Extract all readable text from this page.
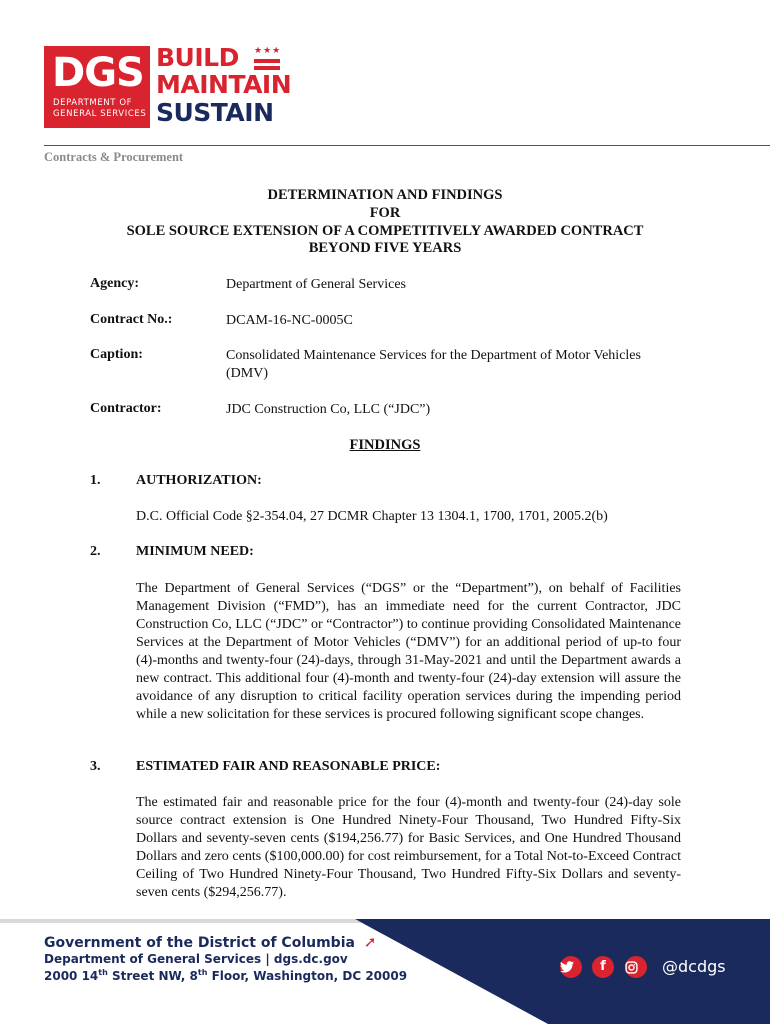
DGS
DEPARTMENT OF
GENERAL SERVICES
BUILD ★★★
MAINTAIN
SUSTAIN
Contracts & Procurement
DETERMINATION AND FINDINGS
FOR
SOLE SOURCE EXTENSION OF A COMPETITIVELY AWARDED CONTRACT
BEYOND FIVE YEARS
Agency:	Department of General Services
Contract No.:	DCAM-16-NC-0005C
Caption:	Consolidated Maintenance Services for the Department of Motor Vehicles (DMV)
Contractor:	JDC Construction Co, LLC (“JDC”)
FINDINGS
1.	AUTHORIZATION:
D.C. Official Code §2-354.04, 27 DCMR Chapter 13 1304.1, 1700, 1701, 2005.2(b)
2.	MINIMUM NEED:
The Department of General Services (“DGS” or the “Department”), on behalf of Facilities Management Division (“FMD”), has an immediate need for the current Contractor, JDC Construction Co, LLC (“JDC” or “Contractor”) to continue providing Consolidated Maintenance Services at the Department of Motor Vehicles (“DMV”) for an additional period of up-to four (4)-months and twenty-four (24)-days, through 31-May-2021 and until the Department awards a new contract. This additional four (4)-month and twenty-four (24)-day extension will assure the avoidance of any disruption to critical facility operation services during the impending period while a new solicitation for these services is procured following significant scope changes.
3.	ESTIMATED FAIR AND REASONABLE PRICE:
The estimated fair and reasonable price for the four (4)-month and twenty-four (24)-day sole source contract extension is One Hundred Ninety-Four Thousand, Two Hundred Fifty-Six Dollars and seventy-seven cents ($194,256.77) for Basic Services, and One Hundred Thousand Dollars and zero cents ($100,000.00) for cost reimbursement, for a Total Not-to-Exceed Contract Ceiling of Two Hundred Ninety-Four Thousand, Two Hundred Fifty-Six Dollars and seventy-seven cents ($294,256.77).
Government of the District of Columbia ➚
Department of General Services | dgs.dc.gov
2000 14th Street NW, 8th Floor, Washington, DC 20009
f	@dcdgs
